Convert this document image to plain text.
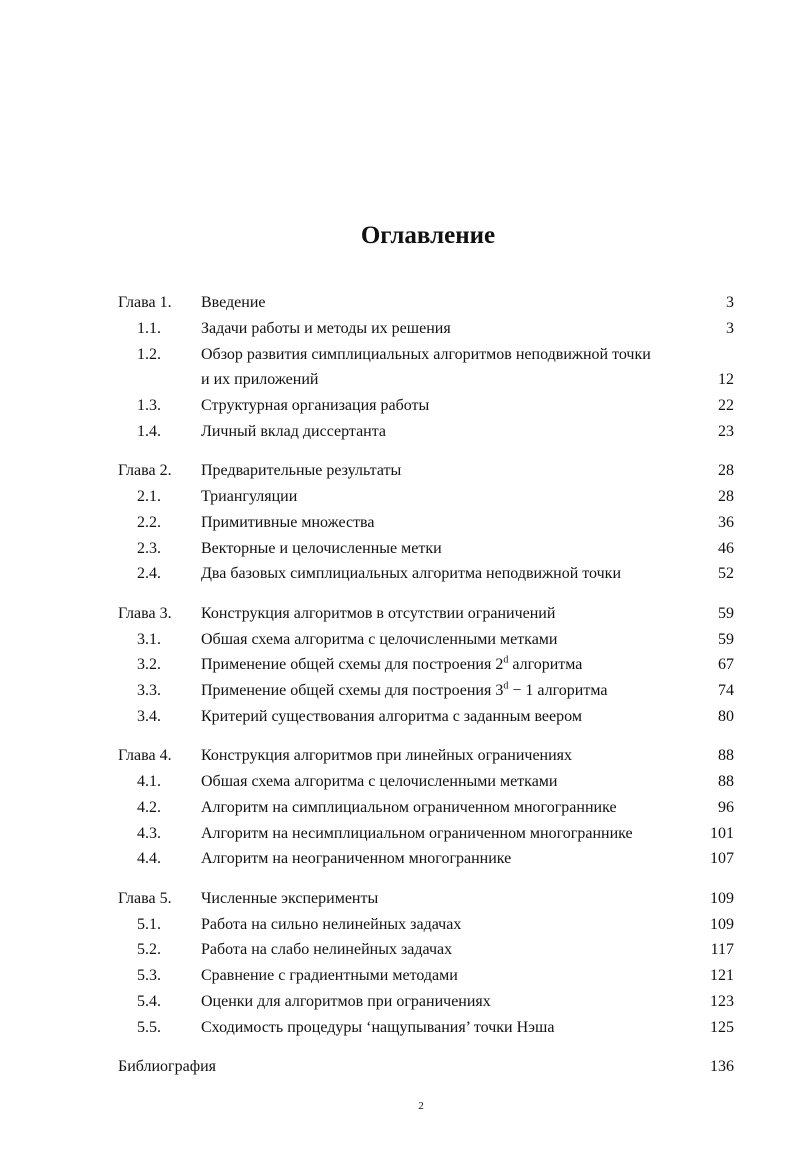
Оглавление
Глава 1. Введение	3
1.1.	Задачи работы и методы их решения	3
1.2.	Обзор развития симплициальных алгоритмов неподвижной точки
и их приложений	12
1.3.	Структурная организация работы	22
1.4.	Личный вклад диссертанта	23
Глава 2. Предварительные результаты	28
2.1.	Триангуляции	28
2.2.	Примитивные множества	36
2.3.	Векторные и целочисленные метки	46
2.4.	Два базовых симплициальных алгоритма неподвижной точки	52
Глава 3. Конструкция алгоритмов в отсутствии ограничений	59
3.1.	Обшая схема алгоритма с целочисленными метками	59
3.2.	Применение общей схемы для построения 2$^d$ алгоритма	67
3.3.	Применение общей схемы для построения $3^d - 1$ алгоритма	74
3.4.	Критерий существования алгоритма с заданным веером	80
Глава 4. Конструкция алгоритмов при линейных ограничениях	88
4.1.	Обшая схема алгоритма с целочисленными метками	88
4.2.	Алгоритм на симплициальном ограниченном многограннике	96
4.3.	Алгоритм на несимплициальном ограниченном многограннике	101
4.4.	Алгоритм на неограниченном многограннике	107
Глава 5. Численные эксперименты	109
5.1.	Работа на сильно нелинейных задачах	109
5.2.	Работа на слабо нелинейных задачах	117
5.3.	Сравнение с градиентными методами	121
5.4.	Оценки для алгоритмов при ограничениях	123
5.5.	Сходимость процедуры ‘нащупывания’ точки Нэша	125
Библиография	136
2
